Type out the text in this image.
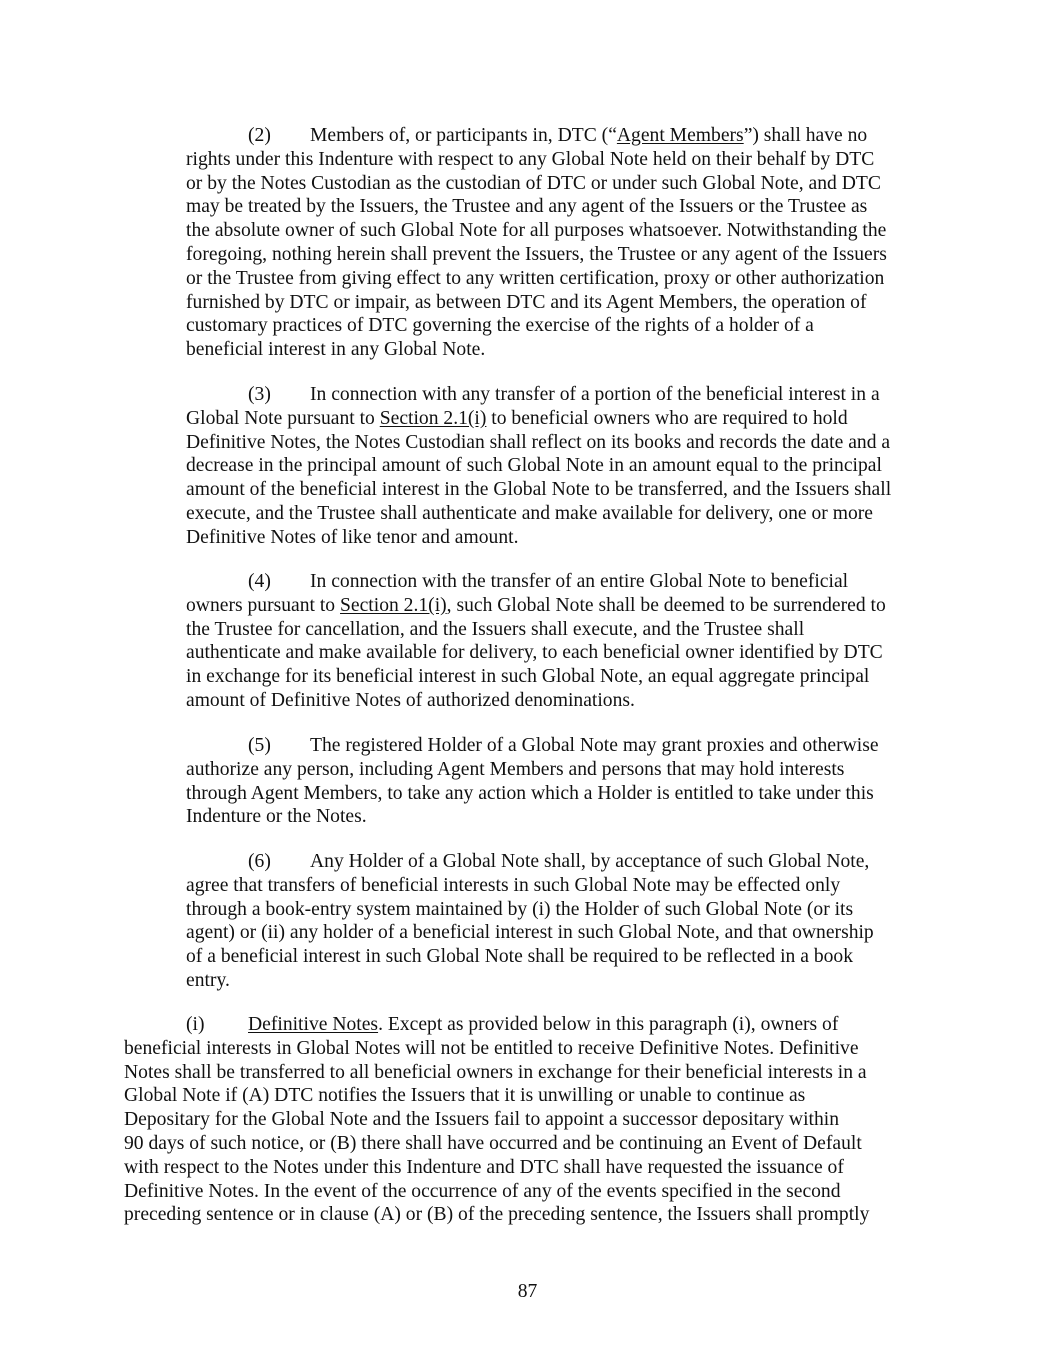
(2) Members of, or participants in, DTC (“Agent Members”) shall have no
rights under this Indenture with respect to any Global Note held on their behalf by DTC
or by the Notes Custodian as the custodian of DTC or under such Global Note, and DTC
may be treated by the Issuers, the Trustee and any agent of the Issuers or the Trustee as
the absolute owner of such Global Note for all purposes whatsoever. Notwithstanding the
foregoing, nothing herein shall prevent the Issuers, the Trustee or any agent of the Issuers
or the Trustee from giving effect to any written certification, proxy or other authorization
furnished by DTC or impair, as between DTC and its Agent Members, the operation of
customary practices of DTC governing the exercise of the rights of a holder of a
beneficial interest in any Global Note.
(3) In connection with any transfer of a portion of the beneficial interest in a
Global Note pursuant to Section 2.1(i) to beneficial owners who are required to hold
Definitive Notes, the Notes Custodian shall reflect on its books and records the date and a
decrease in the principal amount of such Global Note in an amount equal to the principal
amount of the beneficial interest in the Global Note to be transferred, and the Issuers shall
execute, and the Trustee shall authenticate and make available for delivery, one or more
Definitive Notes of like tenor and amount.
(4) In connection with the transfer of an entire Global Note to beneficial
owners pursuant to Section 2.1(i), such Global Note shall be deemed to be surrendered to
the Trustee for cancellation, and the Issuers shall execute, and the Trustee shall
authenticate and make available for delivery, to each beneficial owner identified by DTC
in exchange for its beneficial interest in such Global Note, an equal aggregate principal
amount of Definitive Notes of authorized denominations.
(5) The registered Holder of a Global Note may grant proxies and otherwise
authorize any person, including Agent Members and persons that may hold interests
through Agent Members, to take any action which a Holder is entitled to take under this
Indenture or the Notes.
(6) Any Holder of a Global Note shall, by acceptance of such Global Note,
agree that transfers of beneficial interests in such Global Note may be effected only
through a book-entry system maintained by (i) the Holder of such Global Note (or its
agent) or (ii) any holder of a beneficial interest in such Global Note, and that ownership
of a beneficial interest in such Global Note shall be required to be reflected in a book
entry.
(i) Definitive Notes. Except as provided below in this paragraph (i), owners of
beneficial interests in Global Notes will not be entitled to receive Definitive Notes. Definitive
Notes shall be transferred to all beneficial owners in exchange for their beneficial interests in a
Global Note if (A) DTC notifies the Issuers that it is unwilling or unable to continue as
Depositary for the Global Note and the Issuers fail to appoint a successor depositary within
90 days of such notice, or (B) there shall have occurred and be continuing an Event of Default
with respect to the Notes under this Indenture and DTC shall have requested the issuance of
Definitive Notes. In the event of the occurrence of any of the events specified in the second
preceding sentence or in clause (A) or (B) of the preceding sentence, the Issuers shall promptly
87
